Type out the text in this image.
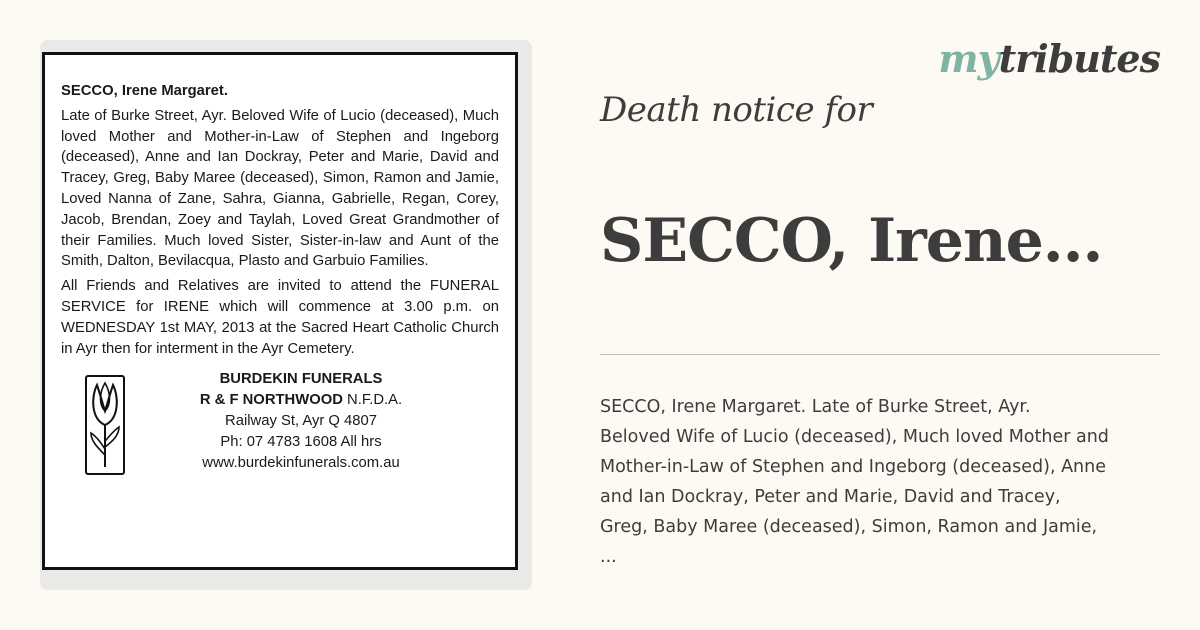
SECCO, Irene Margaret.

Late of Burke Street, Ayr. Beloved Wife of Lucio (deceased), Much loved Mother and Mother-in-Law of Stephen and Ingeborg (deceased), Anne and Ian Dockray, Peter and Marie, David and Tracey, Greg, Baby Maree (deceased), Simon, Ramon and Jamie, Loved Nanna of Zane, Sahra, Gianna, Gabrielle, Regan, Corey, Jacob, Brendan, Zoey and Taylah, Loved Great Grandmother of their Families. Much loved Sister, Sister-in-law and Aunt of the Smith, Dalton, Bevilacqua, Plasto and Garbuio Families.

All Friends and Relatives are invited to attend the FUNERAL SERVICE for IRENE which will commence at 3.00 p.m. on WEDNESDAY 1st MAY, 2013 at the Sacred Heart Catholic Church in Ayr then for interment in the Ayr Cemetery.

BURDEKIN FUNERALS
R & F NORTHWOOD N.F.D.A.
Railway St, Ayr Q 4807
Ph: 07 4783 1608 All hrs
www.burdekinfunerals.com.au
mytributes
Death notice for
SECCO, Irene...
SECCO, Irene Margaret. Late of Burke Street, Ayr.
Beloved Wife of Lucio (deceased), Much loved Mother and
Mother-in-Law of Stephen and Ingeborg (deceased), Anne
and Ian Dockray, Peter and Marie, David and Tracey,
Greg, Baby Maree (deceased), Simon, Ramon and Jamie,
...
